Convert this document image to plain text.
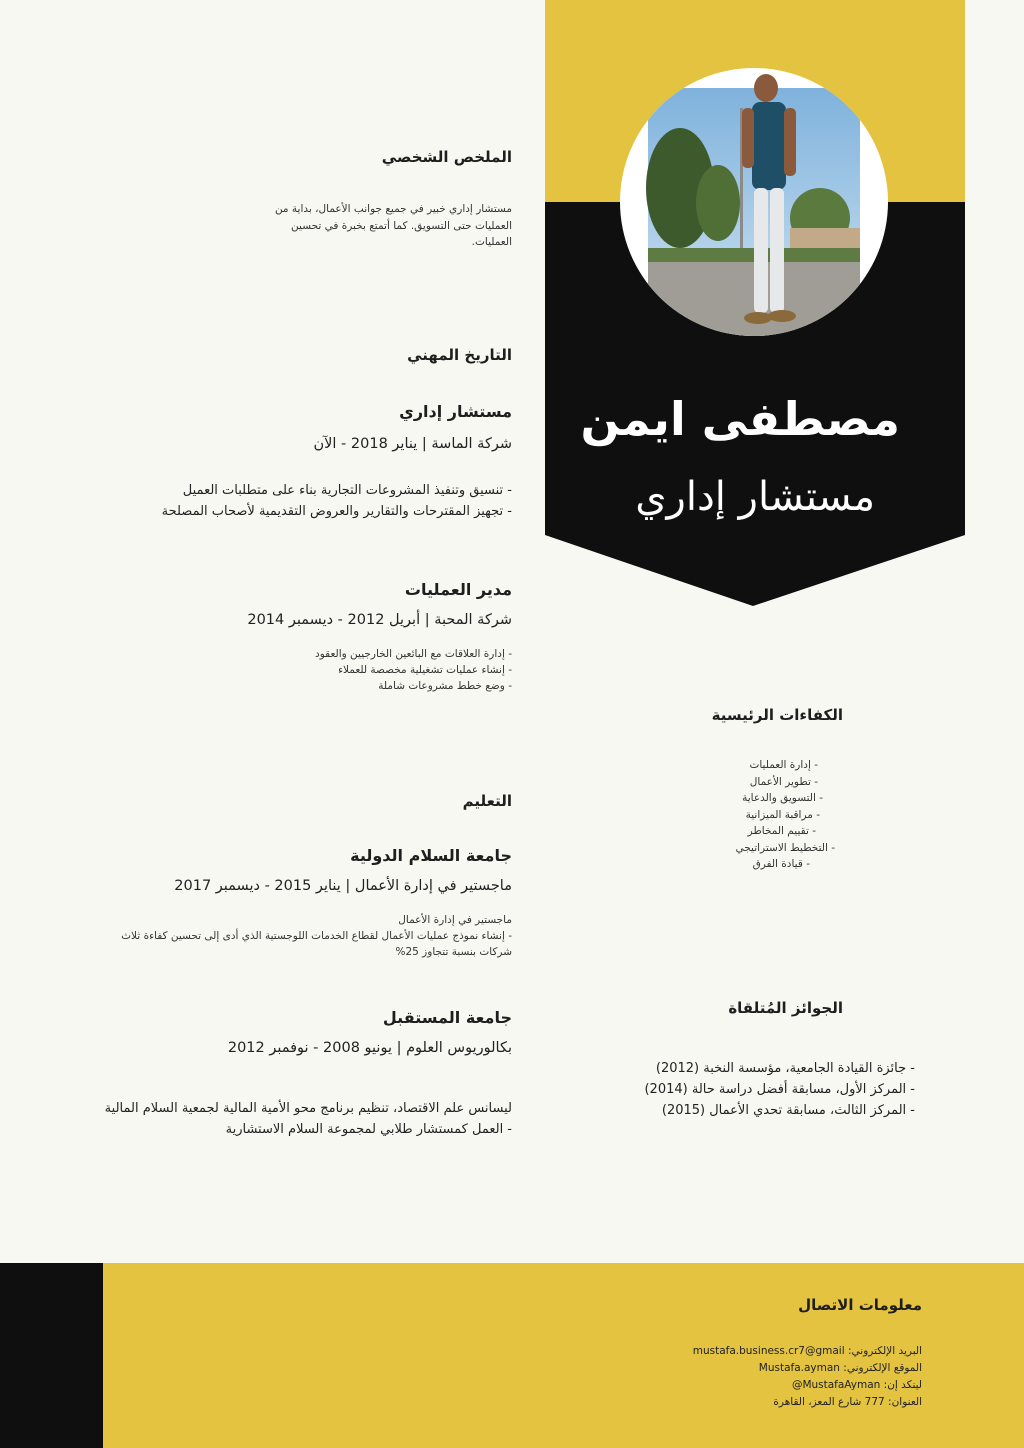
مصطفى ايمن
مستشار إداري
الملخص الشخصي
مستشار إداري خبير في جميع جوانب الأعمال، بداية من العمليات حتى التسويق. كما أتمتع بخبرة في تحسين العمليات.
التاريخ المهني
مستشار إداري
شركة الماسة | يناير 2018 - الآن
- تنسيق وتنفيذ المشروعات التجارية بناء على متطلبات العميل
- تجهيز المقترحات والتقارير والعروض التقديمية لأصحاب المصلحة
مدير العمليات
شركة المحبة | أبريل 2012 - ديسمبر 2014
- إدارة العلاقات مع البائعين الخارجيين والعقود
- إنشاء عمليات تشغيلية مخصصة للعملاء
- وضع خطط مشروعات شاملة
التعليم
جامعة السلام الدولية
ماجستير في إدارة الأعمال | يناير 2015 - ديسمبر 2017
ماجستير في إدارة الأعمال
- إنشاء نموذج عمليات الأعمال لقطاع الخدمات اللوجستية الذي أدى إلى تحسين كفاءة ثلاث شركات بنسبة تتجاوز 25%
جامعة المستقبل
بكالوريوس العلوم | يونيو 2008 - نوفمبر 2012
ليسانس علم الاقتصاد، تنظيم برنامج محو الأمية المالية لجمعية السلام المالية
- العمل كمستشار طلابي لمجموعة السلام الاستشارية
الكفاءات الرئيسية
- إدارة العمليات
- تطوير الأعمال
- التسويق والدعاية
- مراقبة الميزانية
- تقييم المخاطر
- التخطيط الاستراتيجي
- قيادة الفرق
الجوائز المُتلقاة
- جائزة القيادة الجامعية، مؤسسة النخبة (2012)
- المركز الأول، مسابقة أفضل دراسة حالة (2014)
- المركز الثالث، مسابقة تحدي الأعمال (2015)
معلومات الاتصال
البريد الإلكتروني: mustafa.business.cr7@gmail
الموقع الإلكتروني: Mustafa.ayman
لينكد إن: MustafaAyman@
العنوان: 777 شارع المعز، القاهرة
